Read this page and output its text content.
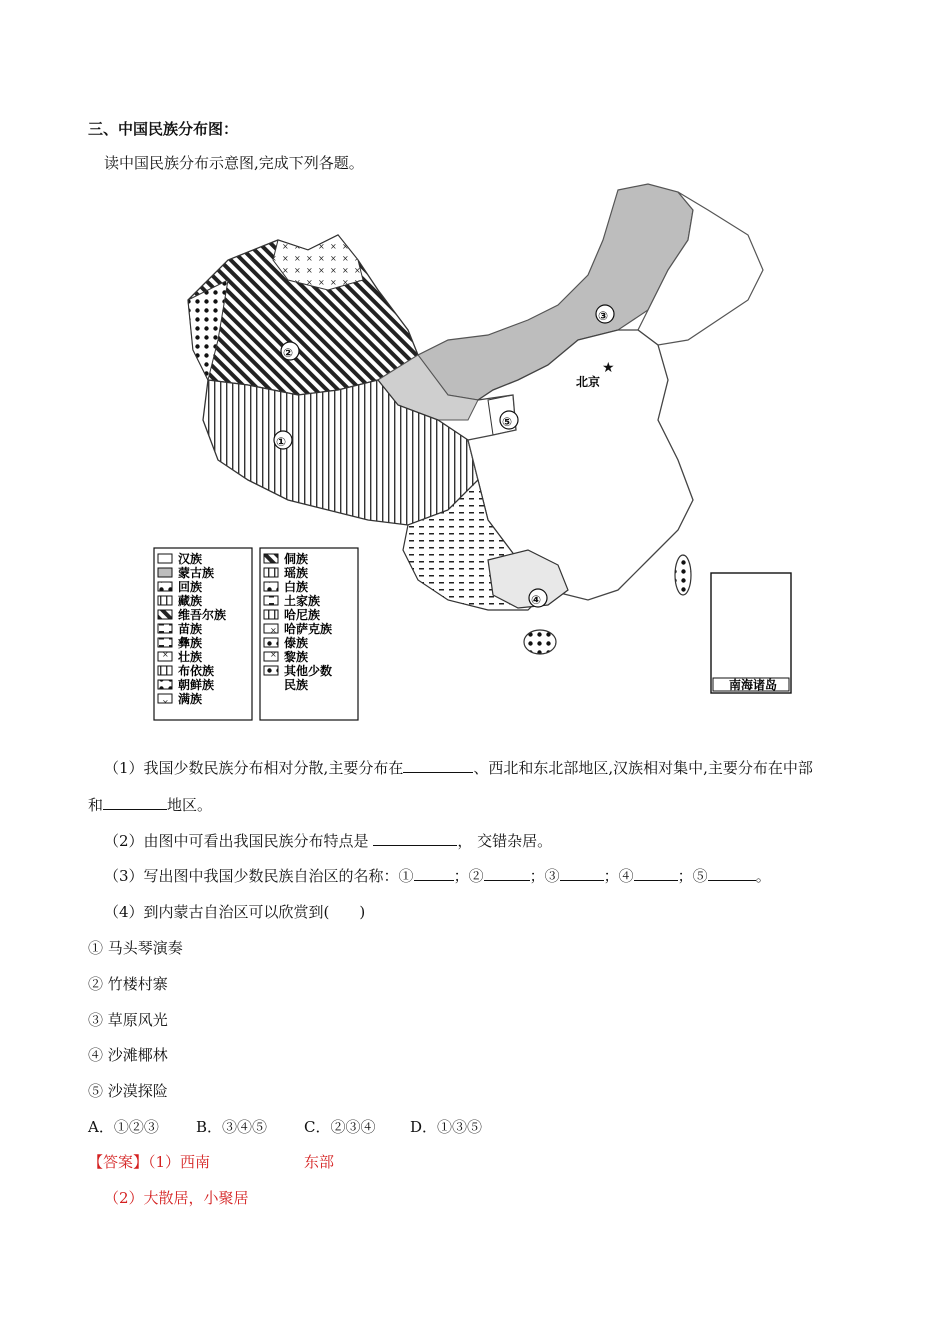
三、中国民族分布图：
读中国民族分布示意图,完成下列各题。
②
①
③
⑤
④
★
北京
南海诸岛
汉族
蒙古族
回族
藏族
维吾尔族
苗族
彝族
壮族
布依族
朝鲜族
满族
侗族
瑶族
白族
土家族
哈尼族
哈萨克族
傣族
黎族
其他少数
民族
（1）我国少数民族分布相对分散,主要分布在	、西北和东北部地区,汉族相对集中,主要分布在中部
和	地区。
（2）由图中可看出我国民族分布特点是	， 交错杂居。
（3）写出图中我国少数民族自治区的名称：①	；②	；③	；④	；⑤	。
（4）到内蒙古自治区可以欣赏到(　　)
① 马头琴演奏
② 竹楼村寨
③ 草原风光
④ 沙滩椰林
⑤ 沙漠探险
A．①②③ B．③④⑤ C．②③④ D．①③⑤
【答案】（1）西南	东部
（2）大散居，小聚居
